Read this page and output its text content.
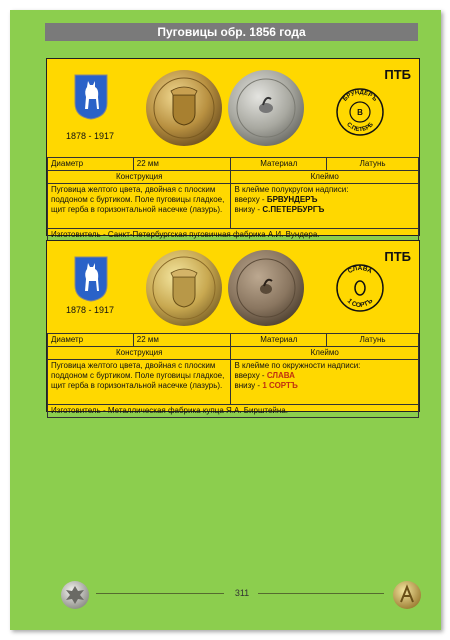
Пуговицы обр. 1856 года
1878 - 1917
БРУНДЕРЪ
С.ПЕТЕРБ
В
ПТБ
Диаметр	22 мм	Материал	Латунь
Конструкция		Клеймо	
Пуговица желтого цвета, двойная с плоским поддоном с буртиком. Поле пуговицы гладкое, щит герба в горизонтальной насечке (лазурь).		В клейме полукругом надписи:
вверху - БРВУНДЕРЪ
внизу - С.ПЕТЕРБУРГЪ	

Изготовитель - Санкт-Петербургская пуговичная фабрика А.И. Вундера.			
1878 - 1917
СЛАВА
1 СОРТЪ
ПТБ
Диаметр	22 мм	Материал	Латунь
Конструкция		Клеймо	
Пуговица желтого цвета, двойная с плоским поддоном с буртиком. Поле пуговицы гладкое, щит герба в горизонтальной насечке (лазурь).		В клейме по окружности надписи:
вверху - СЛАВА
внизу - 1 СОРТЪ	

Изготовитель - Металлическая фабрика купца Я.А. Бирштейна.			
311
